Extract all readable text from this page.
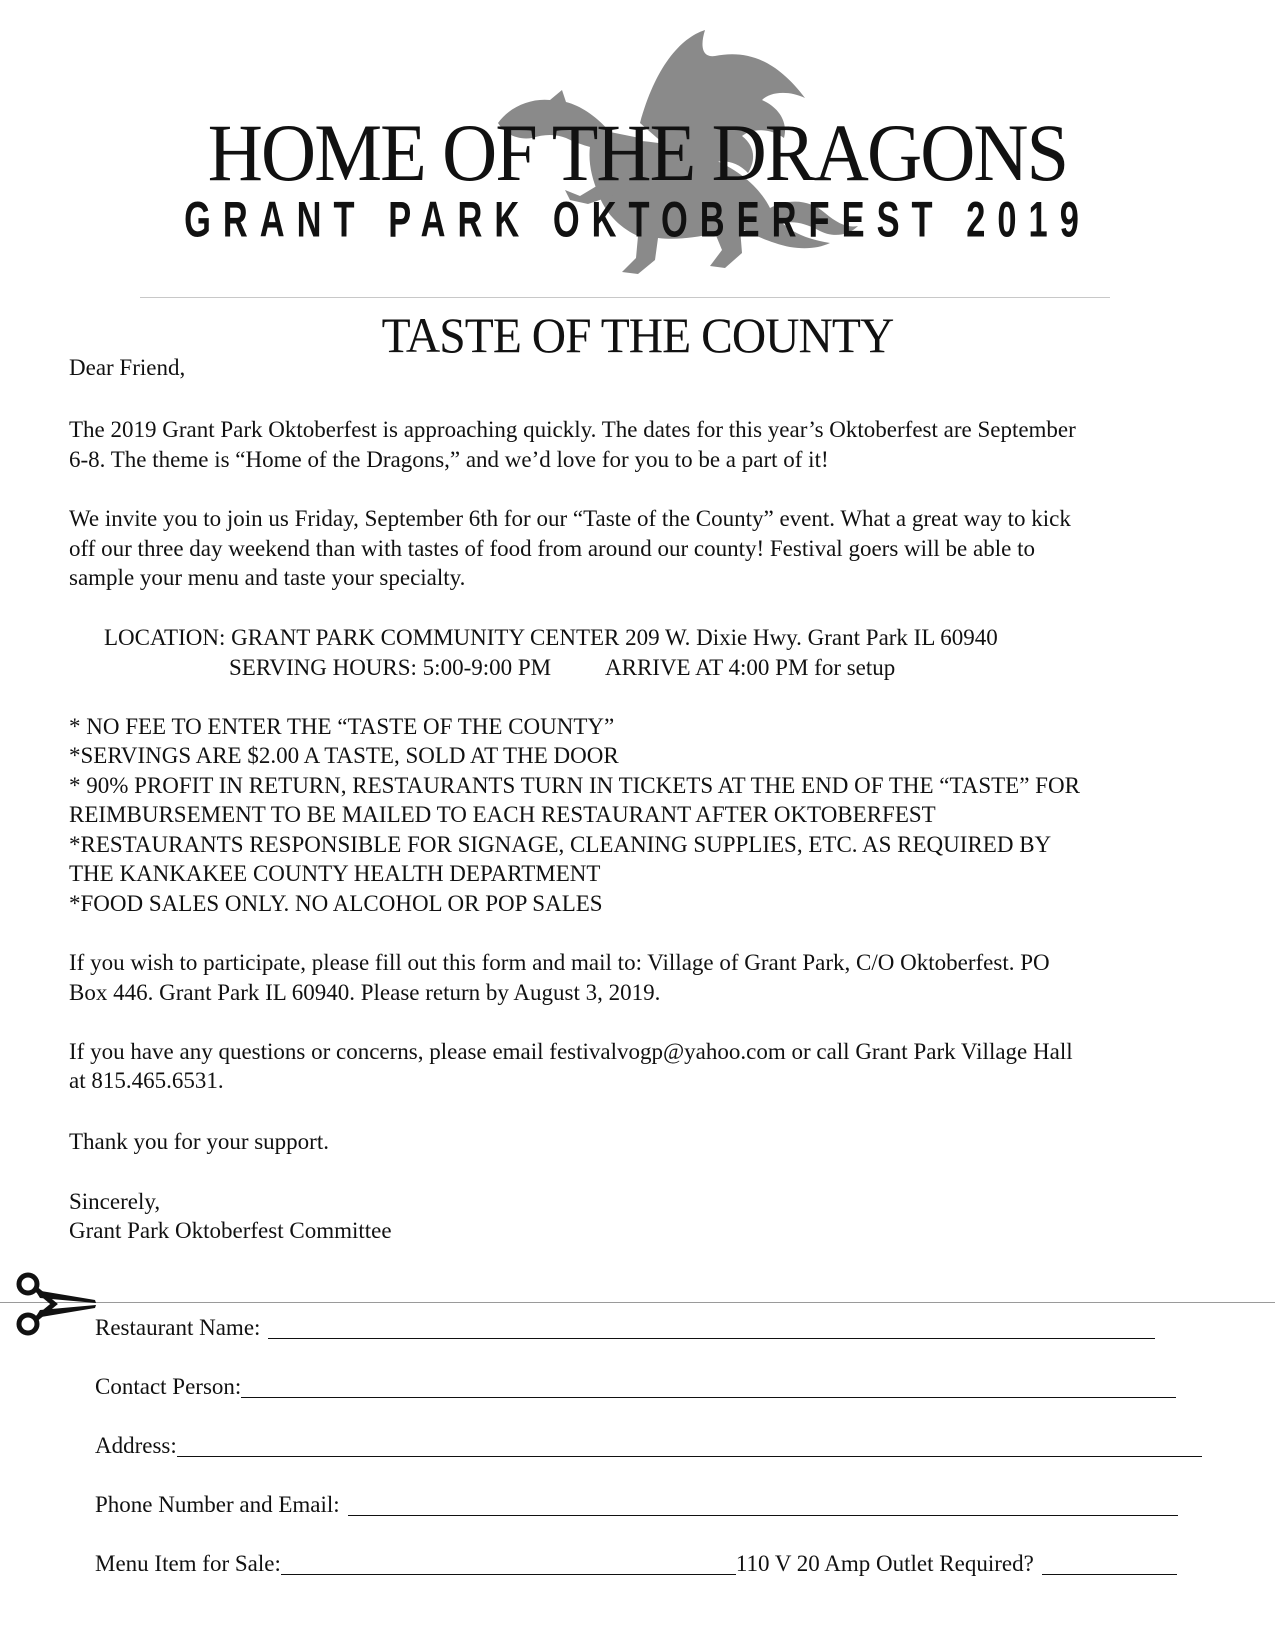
HOME OF THE DRAGONS
GRANT PARK OKTOBERFEST 2019
TASTE OF THE COUNTY
Dear Friend,
The 2019 Grant Park Oktoberfest is approaching quickly. The dates for this year’s Oktoberfest are September
6-8. The theme is “Home of the Dragons,” and we’d love for you to be a part of it!
We invite you to join us Friday, September 6th for our “Taste of the County” event. What a great way to kick
off our three day weekend than with tastes of food from around our county! Festival goers will be able to
sample your menu and taste your specialty.
LOCATION: GRANT PARK COMMUNITY CENTER 209 W. Dixie Hwy. Grant Park IL 60940
SERVING HOURS: 5:00-9:00 PM ARRIVE AT 4:00 PM for setup
* NO FEE TO ENTER THE “TASTE OF THE COUNTY”
*SERVINGS ARE $2.00 A TASTE, SOLD AT THE DOOR
* 90% PROFIT IN RETURN, RESTAURANTS TURN IN TICKETS AT THE END OF THE “TASTE” FOR
REIMBURSEMENT TO BE MAILED TO EACH RESTAURANT AFTER OKTOBERFEST
*RESTAURANTS RESPONSIBLE FOR SIGNAGE, CLEANING SUPPLIES, ETC. AS REQUIRED BY
THE KANKAKEE COUNTY HEALTH DEPARTMENT
*FOOD SALES ONLY. NO ALCOHOL OR POP SALES
If you wish to participate, please fill out this form and mail to: Village of Grant Park, C/O Oktoberfest. PO
Box 446. Grant Park IL 60940. Please return by August 3, 2019.
If you have any questions or concerns, please email festivalvogp@yahoo.com or call Grant Park Village Hall
at 815.465.6531.
Thank you for your support.
Sincerely,
Grant Park Oktoberfest Committee
Restaurant Name:
Contact Person:
Address:
Phone Number and Email:
Menu Item for Sale:	110 V 20 Amp Outlet Required?
